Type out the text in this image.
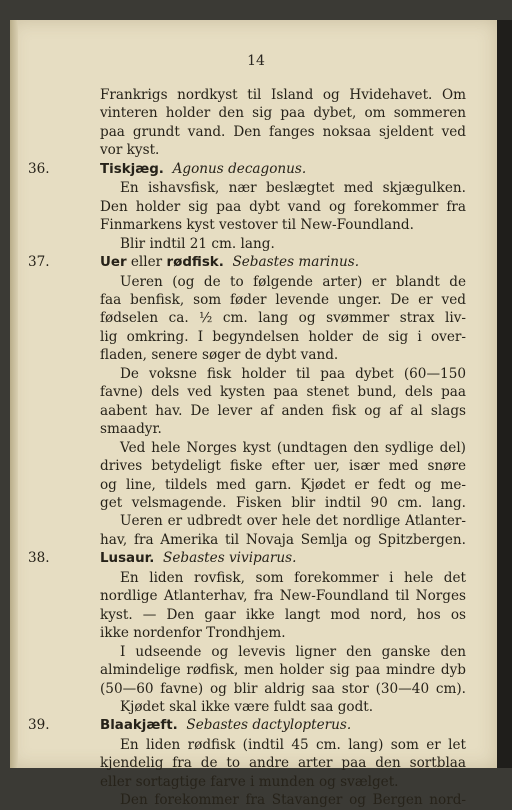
14

Frankrigs nordkyst til Island og Hvidehavet. Om

vinteren holder den sig paa dybet, om sommeren

paa grundt vand. Den fanges noksaa sjeldent ved

vor kyst.

36.	Tiskjæg. Agonus decagonus.

En ishavsfisk, nær beslægtet med skjægulken.

Den holder sig paa dybt vand og forekommer fra

Finmarkens kyst vestover til New-Foundland.

Blir indtil 21 cm. lang.

37.	Uer eller rødfisk. Sebastes marinus.

Ueren (og de to følgende arter) er blandt de

faa benfisk, som føder levende unger. De er ved

fødselen ca. ½ cm. lang og svømmer strax liv-

lig omkring. I begyndelsen holder de sig i over-

fladen, senere søger de dybt vand.

De voksne fisk holder til paa dybet (60—150

favne) dels ved kysten paa stenet bund, dels paa

aabent hav. De lever af anden fisk og af al slags

smaadyr.

Ved hele Norges kyst (undtagen den sydlige del)

drives betydeligt fiske efter uer, især med snøre

og line, tildels med garn. Kjødet er fedt og me-

get velsmagende. Fisken blir indtil 90 cm. lang.

Ueren er udbredt over hele det nordlige Atlanter-

hav, fra Amerika til Novaja Semlja og Spitzbergen.

38.	Lusaur. Sebastes viviparus.

En liden rovfisk, som forekommer i hele det

nordlige Atlanterhav, fra New-Foundland til Norges

kyst. — Den gaar ikke langt mod nord, hos os

ikke nordenfor Trondhjem.

I udseende og levevis ligner den ganske den

almindelige rødfisk, men holder sig paa mindre dyb

(50—60 favne) og blir aldrig saa stor (30—40 cm).

Kjødet skal ikke være fuldt saa godt.

39.	Blaakjæft. Sebastes dactylopterus.

En liden rødfisk (indtil 45 cm. lang) som er let

kjendelig fra de to andre arter paa den sortblaa

eller sortagtige farve i munden og svælget.

Den forekommer fra Stavanger og Bergen nord-
